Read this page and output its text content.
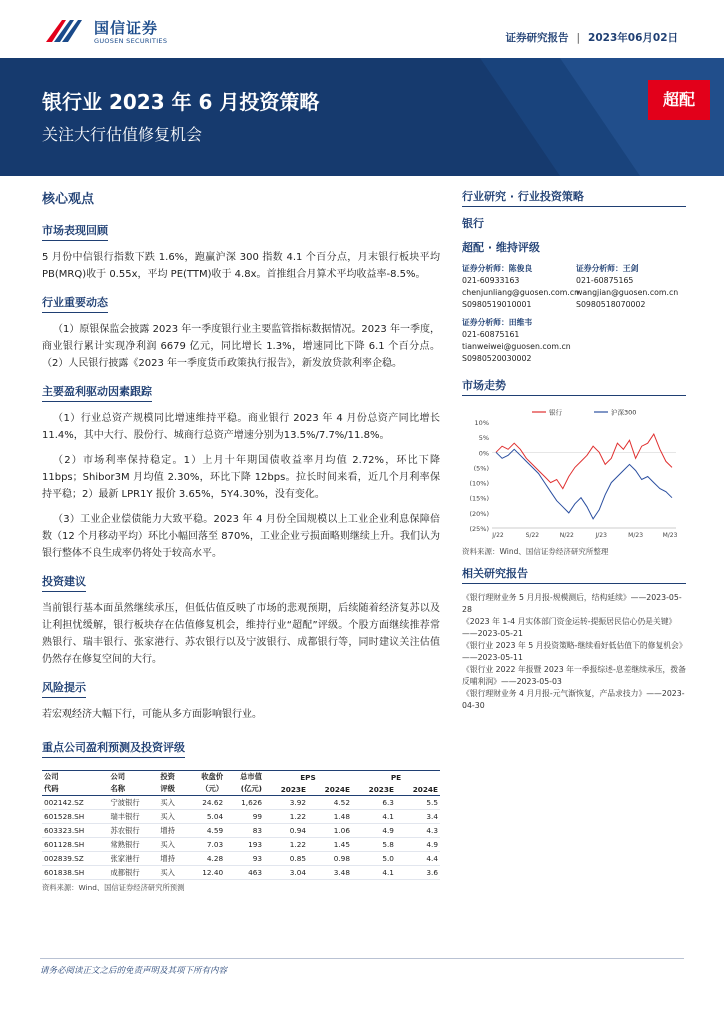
国信证券
GUOSEN SECURITIES	证券研究报告 | 2023年06月02日
银行业 2023 年 6 月投资策略
关注大行估值修复机会
超配
核心观点
市场表现回顾

5 月份中信银行指数下跌 1.6%，跑赢沪深 300 指数 4.1 个百分点，月末银行板块平均 PB(MRQ)收于 0.55x，平均 PE(TTM)收于 4.8x。首推组合月算术平均收益率-8.5%。

行业重要动态

（1）原银保监会披露 2023 年一季度银行业主要监管指标数据情况。2023 年一季度，商业银行累计实现净利润 6679 亿元，同比增长 1.3%，增速同比下降 6.1 个百分点。（2）人民银行披露《2023 年一季度货币政策执行报告》，新发放贷款利率企稳。

主要盈利驱动因素跟踪

（1）行业总资产规模同比增速维持平稳。商业银行 2023 年 4 月份总资产同比增长 11.4%，其中大行、股份行、城商行总资产增速分别为13.5%/7.7%/11.8%。

（2）市场利率保持稳定。1）上月十年期国债收益率月均值 2.72%，环比下降 11bps；Shibor3M 月均值 2.30%，环比下降 12bps。拉长时间来看，近几个月利率保持平稳；2）最新 LPR1Y 报价 3.65%，5Y4.30%，没有变化。

（3）工业企业偿债能力大致平稳。2023 年 4 月份全国规模以上工业企业利息保障倍数（12 个月移动平均）环比小幅回落至 870%，工业企业亏损面略则继续上升。我们认为银行整体不良生成率仍将处于较高水平。

投资建议

当前银行基本面虽然继续承压，但低估值反映了市场的悲观预期，后续随着经济复苏以及让利担忧缓解，银行板块存在估值修复机会，维持行业“超配”评级。个股方面继续推荐常熟银行、瑞丰银行、张家港行、苏农银行以及宁波银行、成都银行等，同时建议关注估值仍然存在修复空间的大行。

风险提示

若宏观经济大幅下行，可能从多方面影响银行业。

行业研究 · 行业投资策略
银行
超配 · 维持评级
证券分析师：陈俊良
021-60933163
chenjunliang@guosen.com.cn
S0980519010001
证券分析师：王剑
021-60875165
wangjian@guosen.com.cn
S0980518070002
证券分析师：田维韦
021-60875161
tianweiwei@guosen.com.cn
S0980520030002
市场走势
10%
5%
0%
(5%)
(10%)
(15%)
(20%)
(25%)
J/22	S/22	N/22	J/23	M/23	M/23
银行	沪深300
资料来源：Wind、国信证券经济研究所整理
相关研究报告
《银行理财业务 5 月月报-规模测后，结构延续》——2023-05-28
《2023 年 1-4 月实体部门资金运转-提振居民信心仍是关键》——2023-05-21
《银行业 2023 年 5 月投资策略-继续看好低估值下的修复机会》——2023-05-11
《银行业 2022 年报暨 2023 年一季报综述-息差继续承压，拨备反哺利润》——2023-05-03
《银行理财业务 4 月月报-元气渐恢复，产品求技力》——2023-04-30
重点公司盈利预测及投资评级
公司	公司	投资	收盘价	总市值	EPS		PE	
代码	名称	评级	（元）	(亿元)	2023E	2024E	2023E	2024E
002142.SZ	宁波银行	买入	24.62	1,626	3.92	4.52	6.3	5.5
601528.SH	瑞丰银行	买入	5.04	99	1.22	1.48	4.1	3.4
603323.SH	苏农银行	增持	4.59	83	0.94	1.06	4.9	4.3
601128.SH	常熟银行	买入	7.03	193	1.22	1.45	5.8	4.9
002839.SZ	张家港行	增持	4.28	93	0.85	0.98	5.0	4.4
601838.SH	成都银行	买入	12.40	463	3.04	3.48	4.1	3.6
资料来源：Wind、国信证券经济研究所预测
请务必阅读正文之后的免责声明及其项下所有内容
